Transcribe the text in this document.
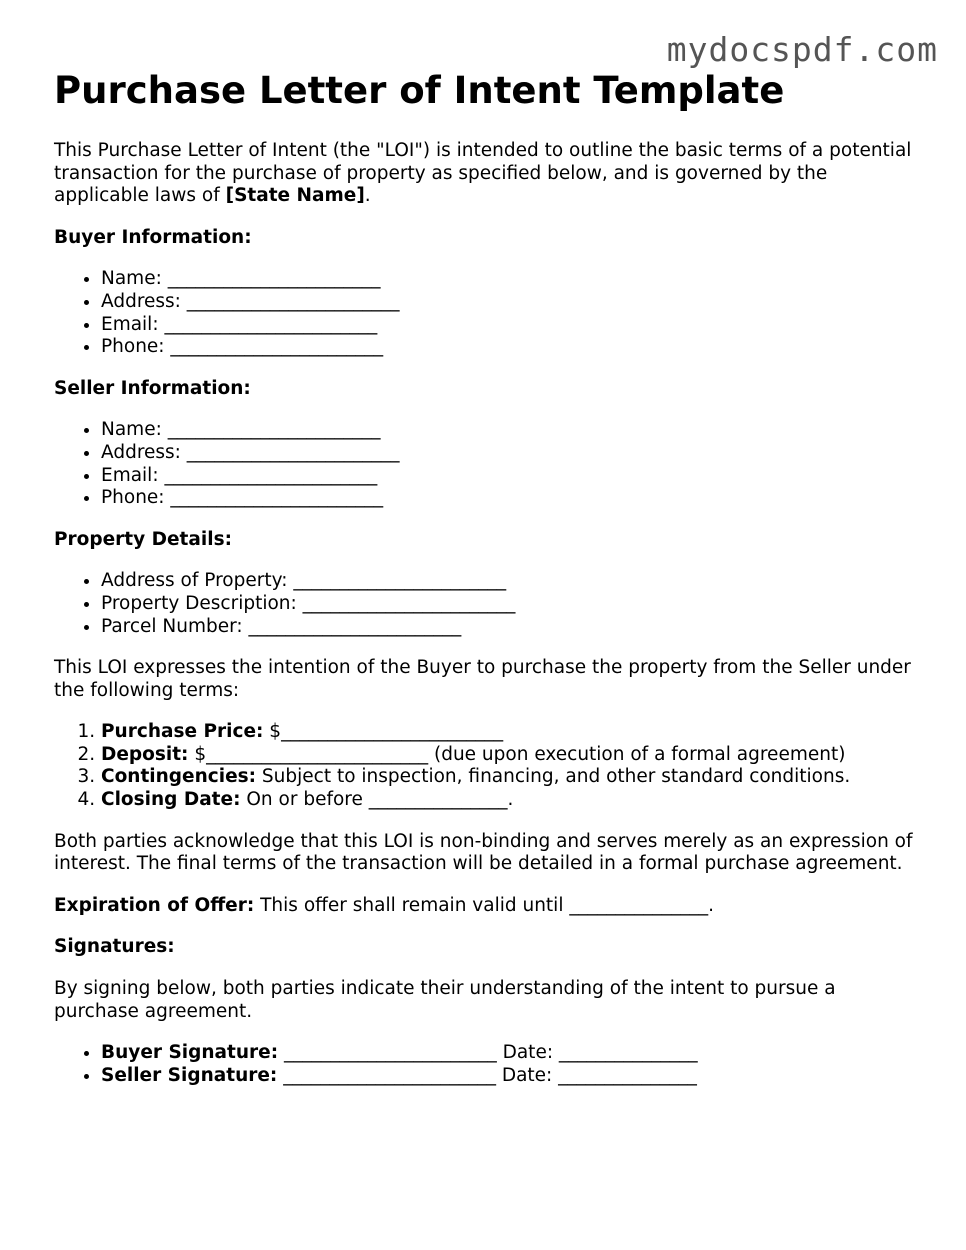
mydocspdf.com
Purchase Letter of Intent Template

This Purchase Letter of Intent (the "LOI") is intended to outline the basic terms of a potential transaction for the purchase of property as specified below, and is governed by the applicable laws of [State Name].

Buyer Information:

• Name: _______________________
• Address: _______________________
• Email: _______________________
• Phone: _______________________

Seller Information:

• Name: _______________________
• Address: _______________________
• Email: _______________________
• Phone: _______________________

Property Details:

• Address of Property: _______________________
• Property Description: _______________________
• Parcel Number: _______________________

This LOI expresses the intention of the Buyer to purchase the property from the Seller under the following terms:

1. Purchase Price: $________________________
2. Deposit: $________________________ (due upon execution of a formal agreement)
3. Contingencies: Subject to inspection, financing, and other standard conditions.
4. Closing Date: On or before _______________.

Both parties acknowledge that this LOI is non-binding and serves merely as an expression of interest. The final terms of the transaction will be detailed in a formal purchase agreement.

Expiration of Offer: This offer shall remain valid until _______________.

Signatures:

By signing below, both parties indicate their understanding of the intent to pursue a purchase agreement.

• Buyer Signature: _______________________ Date: _______________
• Seller Signature: _______________________ Date: _______________
